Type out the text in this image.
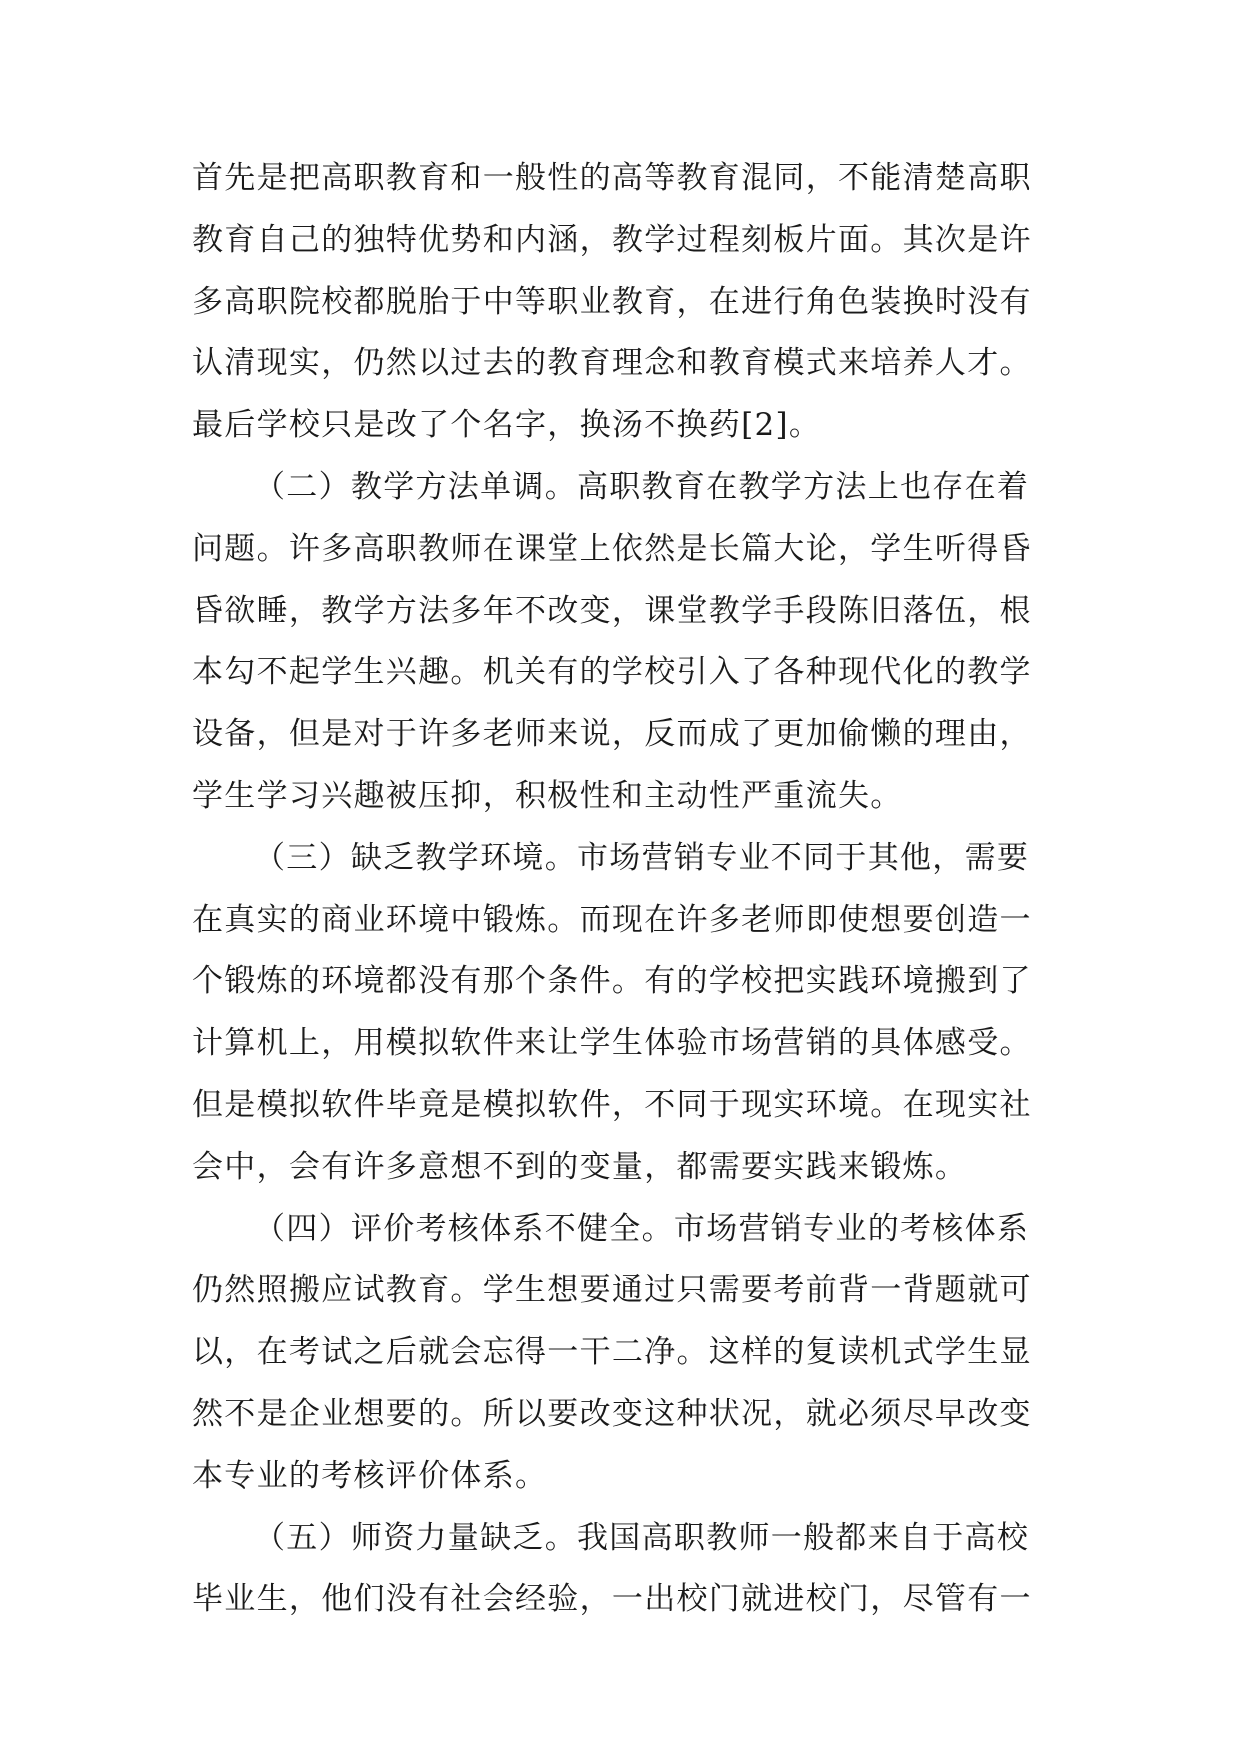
首先是把高职教育和一般性的高等教育混同，不能清楚高职
教育自己的独特优势和内涵，教学过程刻板片面。其次是许
多高职院校都脱胎于中等职业教育，在进行角色装换时没有
认清现实，仍然以过去的教育理念和教育模式来培养人才。
最后学校只是改了个名字，换汤不换药[2]。
（二）教学方法单调。高职教育在教学方法上也存在着
问题。许多高职教师在课堂上依然是长篇大论，学生听得昏
昏欲睡，教学方法多年不改变，课堂教学手段陈旧落伍，根
本勾不起学生兴趣。机关有的学校引入了各种现代化的教学
设备，但是对于许多老师来说，反而成了更加偷懒的理由，
学生学习兴趣被压抑，积极性和主动性严重流失。
（三）缺乏教学环境。市场营销专业不同于其他，需要
在真实的商业环境中锻炼。而现在许多老师即使想要创造一
个锻炼的环境都没有那个条件。有的学校把实践环境搬到了
计算机上，用模拟软件来让学生体验市场营销的具体感受。
但是模拟软件毕竟是模拟软件，不同于现实环境。在现实社
会中，会有许多意想不到的变量，都需要实践来锻炼。
（四）评价考核体系不健全。市场营销专业的考核体系
仍然照搬应试教育。学生想要通过只需要考前背一背题就可
以，在考试之后就会忘得一干二净。这样的复读机式学生显
然不是企业想要的。所以要改变这种状况，就必须尽早改变
本专业的考核评价体系。
（五）师资力量缺乏。我国高职教师一般都来自于高校
毕业生，他们没有社会经验，一出校门就进校门，尽管有一
